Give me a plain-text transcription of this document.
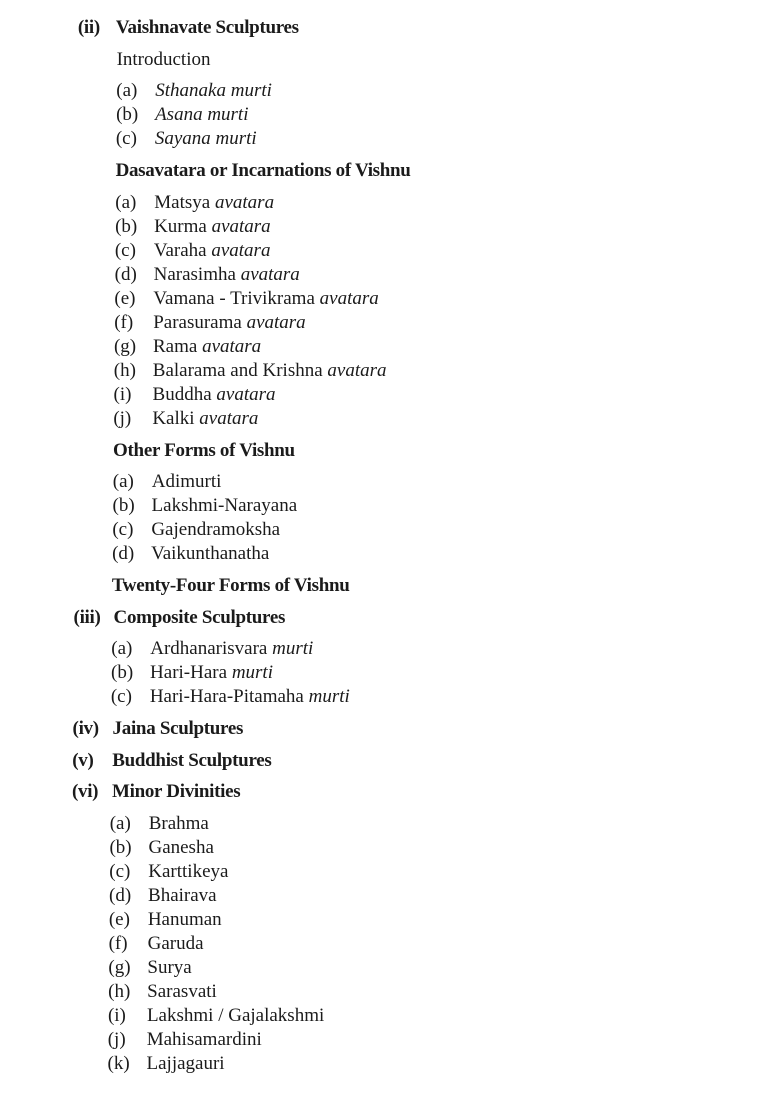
(ii) Vaishnavate Sculptures
Introduction
(a) Sthanaka murti
(b) Asana murti
(c) Sayana murti
Dasavatara or Incarnations of Vishnu
(a) Matsya avatara
(b) Kurma avatara
(c) Varaha avatara
(d) Narasimha avatara
(e) Vamana - Trivikrama avatara
(f) Parasurama avatara
(g) Rama avatara
(h) Balarama and Krishna avatara
(i) Buddha avatara
(j) Kalki avatara
Other Forms of Vishnu
(a) Adimurti
(b) Lakshmi-Narayana
(c) Gajendramoksha
(d) Vaikunthanatha
Twenty-Four Forms of Vishnu
(iii) Composite Sculptures
(a) Ardhanarisvara murti
(b) Hari-Hara murti
(c) Hari-Hara-Pitamaha murti
(iv) Jaina Sculptures
(v) Buddhist Sculptures
(vi) Minor Divinities
(a) Brahma
(b) Ganesha
(c) Karttikeya
(d) Bhairava
(e) Hanuman
(f) Garuda
(g) Surya
(h) Sarasvati
(i) Lakshmi / Gajalakshmi
(j) Mahisamardini
(k) Lajjagauri
